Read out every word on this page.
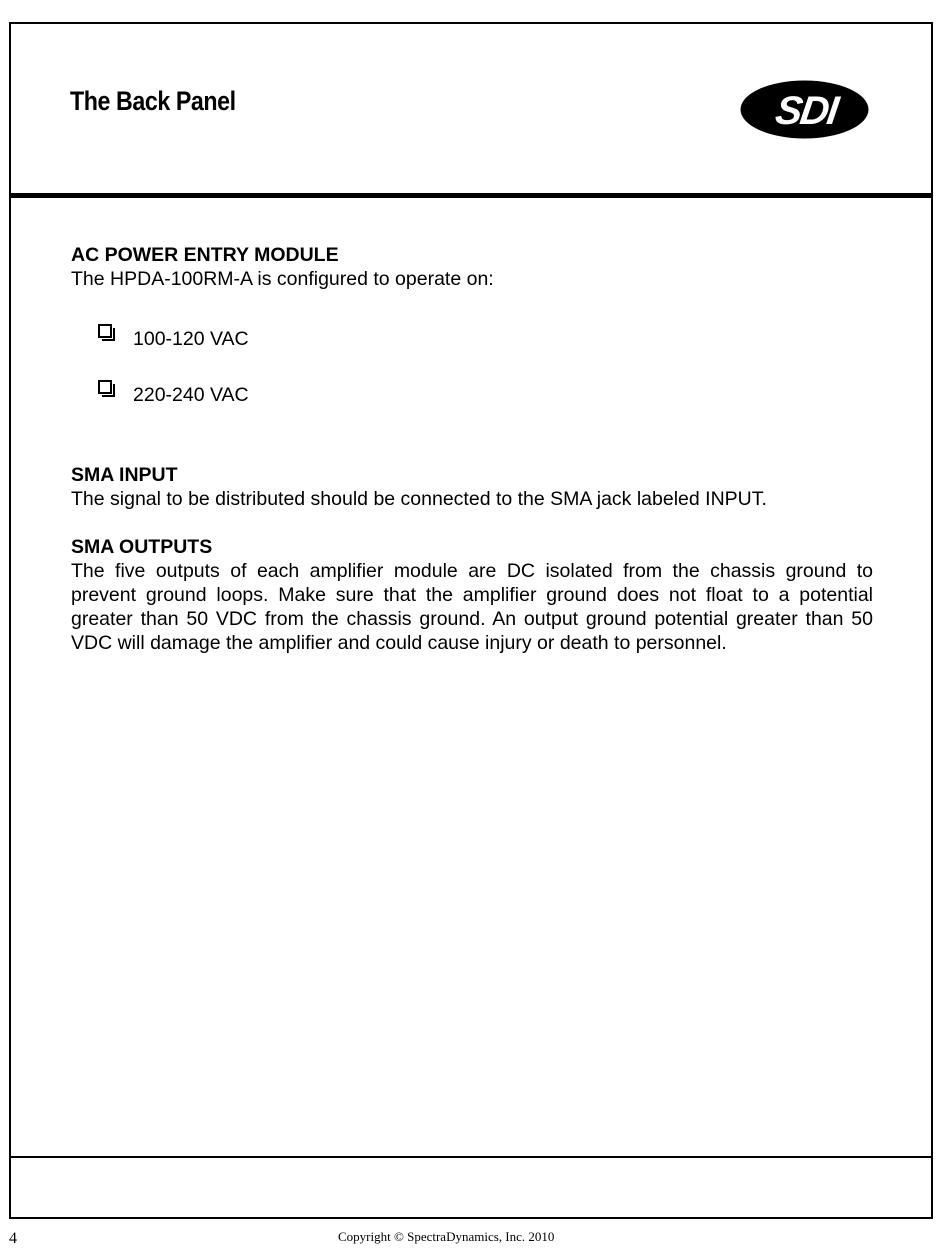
The Back Panel	SDI
AC POWER ENTRY MODULE

The HPDA-100RM-A is configured to operate on:

100-120 VAC
220-240 VAC
SMA INPUT

The signal to be distributed should be connected to the SMA jack labeled INPUT.

SMA OUTPUTS

The five outputs of each amplifier module are DC isolated from the chassis ground to prevent ground loops. Make sure that the amplifier ground does not float to a potential greater than 50 VDC from the chassis ground. An output ground potential greater than 50 VDC will damage the amplifier and could cause injury or death to personnel.

4	Copyright © SpectraDynamics, Inc. 2010
